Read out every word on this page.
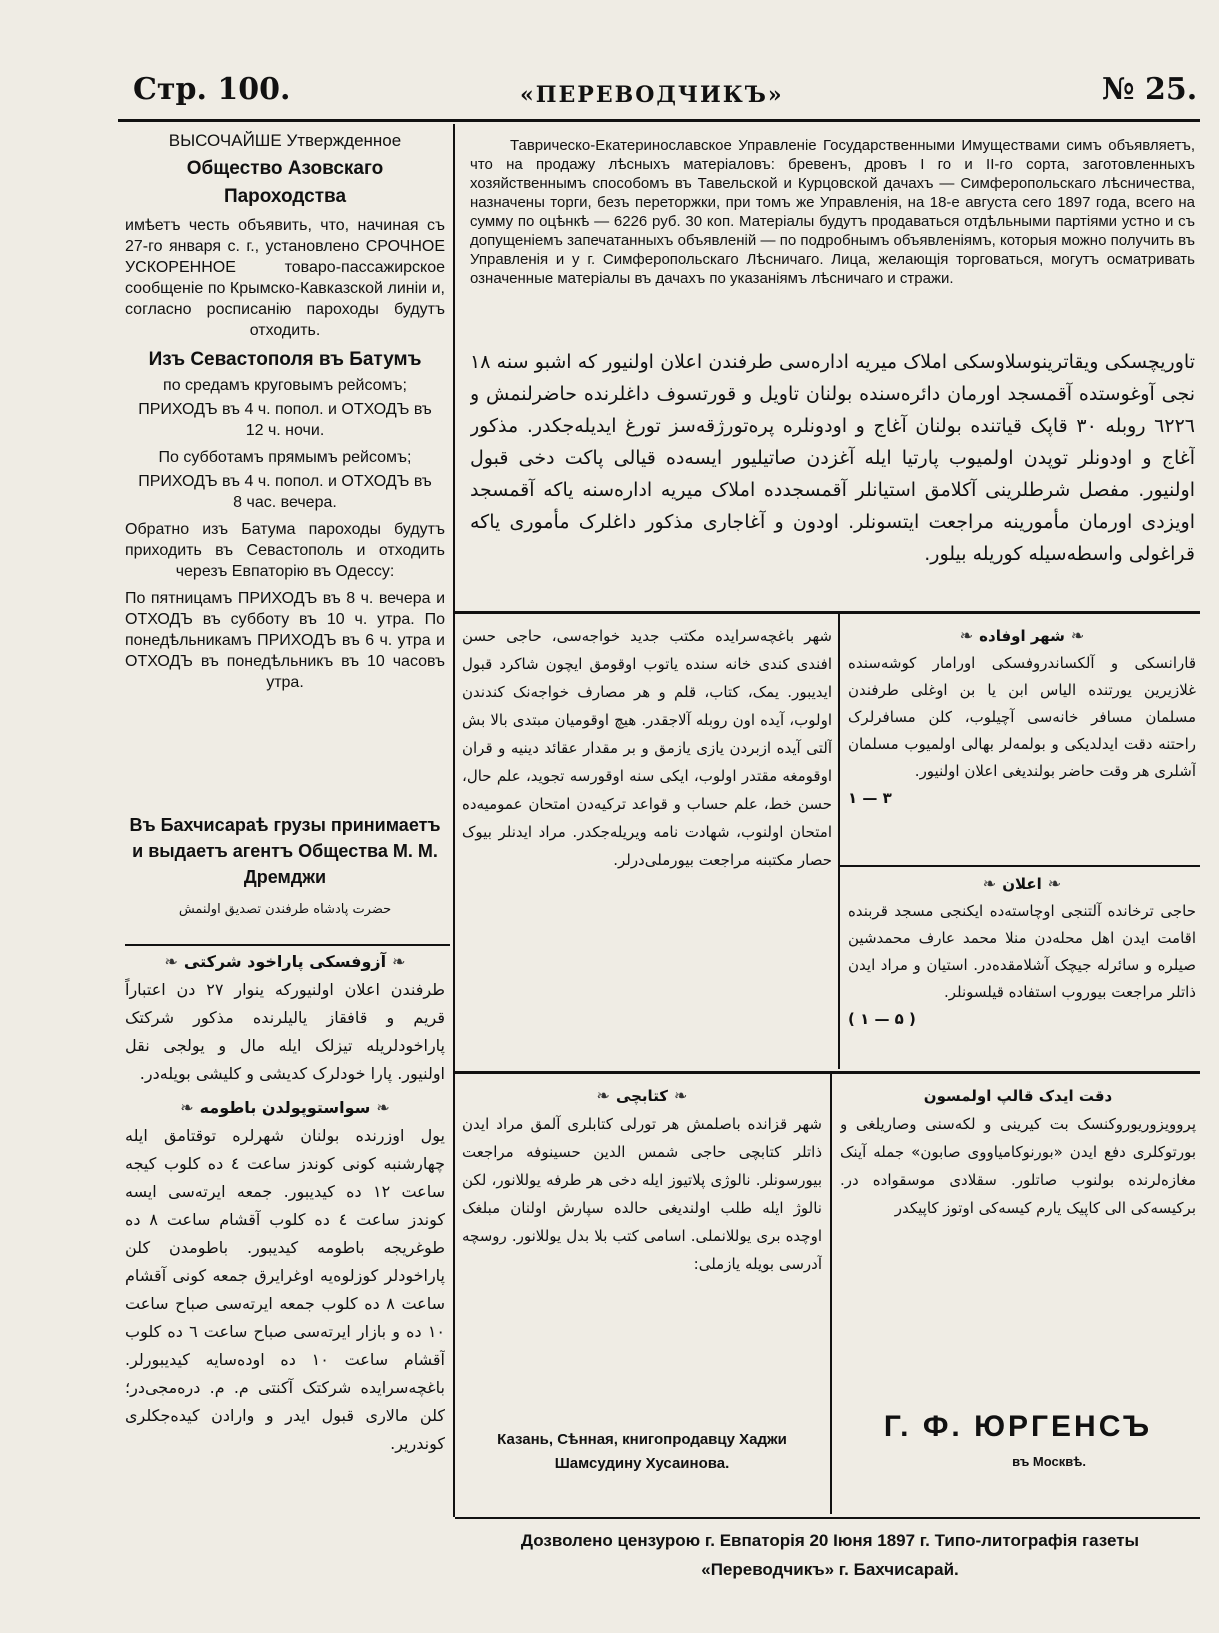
Стр. 100.	«ПЕРЕВОДЧИКЪ»	№ 25.

ВЫСОЧАЙШЕ Утвержденное

Общество Азовскаго Пароходства

имѣетъ честь объявить, что, начиная съ 27-го января с. г., установлено СРОЧНОЕ УСКОРЕННОЕ товаро-пассажирское сообщеніе по Крымско-Кавказской линіи и, согласно росписанію пароходы будутъ отходить.

Изъ Севастополя въ Батумъ

по средамъ круговымъ рейсомъ;

ПРИХОДЪ въ 4 ч. попол. и ОТХОДЪ въ 12 ч. ночи.

По суббoтамъ прямымъ рейсомъ;

ПРИХОДЪ въ 4 ч. попол. и ОТХОДЪ въ 8 час. вечера.

Обратно изъ Батума пароходы будутъ приходить въ Севастополь и отходить черезъ Евпаторію въ Одессу:

По пятницамъ ПРИХОДЪ въ 8 ч. вечера и ОТХОДЪ въ субботу въ 10 ч. утра. По понедѣльникамъ ПРИХОДЪ въ 6 ч. утра и ОТХОДЪ въ понедѣльникъ въ 10 часовъ утра.

Въ Бахчисараѣ грузы принимаетъ и выдаетъ агентъ Общества М. М. Дремджи

حضرت پادشاه طرفندن تصدیق اولنمش

❧آزوفسکی پاراخود شرکتی❧

طرفندن اعلان اولنیورکه ینوار ۲۷ دن اعتباراً قریم و قافقاز یالیلرنده مذکور شرکتک پاراخودلریله تیزلک ایله مال و یولجی نقل اولنیور. پارا خودلرک کدیشی و کلیشی بویله‌در.

❧سواستوپولدن باطومه❧

یول اوزرنده بولنان شهرلره توقتامق ایله چهارشنبه کونی کوندز ساعت ٤ ده کلوب کیجه ساعت ۱۲ ده کیدیبور. جمعه ایرته‌سی ایسه کوندز ساعت ٤ ده کلوب آقشام ساعت ۸ ده طوغریجه باطومه کیدیبور. باطومدن کلن پاراخودلر کوزلوه‌یه اوغرایرق جمعه کونی آقشام ساعت ۸ ده کلوب جمعه ایرته‌سی صباح ساعت ۱۰ ده و بازار ایرته‌سی صباح ساعت ٦ ده کلوب آقشام ساعت ۱۰ ده اوده‌سایه کیدیبورلر. باغچه‌سرایده شرکتک آکنتی م. م. دره‌مجی‌در؛ کلن مالاری قبول ایدر و وارادن کیده‌جکلری کوندریر.

Таврическо-Екатеринославское Управленіе Государственными Имуществами симъ объявляетъ, что на продажу лѣсныхъ матеріаловъ: бревенъ, дровъ I го и II-го сорта, заготовленныхъ хозяйственнымъ способомъ въ Тавельской и Курцовской дачахъ — Симферопольскаго лѣсничества, назначены торги, безъ переторжки, при томъ же Управленія, на 18-е августа сего 1897 года, всего на сумму по оцѣнкѣ — 6226 руб. 30 коп. Матеріалы будутъ продаваться отдѣльными партіями устно и съ допущеніемъ запечатанныхъ объявленій — по подробнымъ объявленіямъ, которыя можно получить въ Управленія и у г. Симферопольскаго Лѣсничаго. Лица, желающія торговаться, могутъ осматривать означенные матеріалы въ дачахъ по указаніямъ лѣсничаго и стражи.

تاوریچسکی ویقاترینوسلاوسکی املاک میریه اداره‌سی طرفندن اعلان اولنیور که اشبو سنه ۱۸ نجی آوغوستده آقمسجد اورمان دائره‌سنده بولنان تاویل و قورتسوف داغلرنده حاضرلنمش و ٦۲۲٦ روبله ۳۰ قاپک قیاتنده بولنان آغاج و اودونلره پره‌تورژقه‌سز تورغ ایدیله‌جکدر. مذکور آغاج و اودونلر توپدن اولمیوب پارتیا ایله آغزدن صاتیلیور ایسه‌ده قیالی پاکت دخی قبول اولنیور. مفصل شرطلرینی آکلامق استیانلر آقمسجدده املاک میریه اداره‌سنه یاکه آقمسجد اویزدی اورمان مأمورینه مراجعت ایتسونلر. اودون و آغاجاری مذکور داغلرک مأموری یاکه قراغولی واسطه‌سیله کوریله بیلور.

شهر باغچه‌سرایده مکتب جدید خواجه‌سی، حاجی حسن افندی کندی خانه سنده یاتوب اوقومق ایچون شاکرد قبول ایدیبور. یمک، کتاب، قلم و هر مصارف خواجه‌نک کندندن اولوب، آیده اون روبله آلاجقدر. هیچ اوقومیان مبتدی بالا بش آلتی آیده ازبردن یازی یازمق و بر مقدار عقائد دینیه و قران اوقومغه مقتدر اولوب، ایکی سنه اوقورسه تجوید، علم حال، حسن خط، علم حساب و قواعد ترکیه‌دن امتحان عمومیه‌ده امتحان اولنوب، شهادت نامه ویریله‌جکدر. مراد ایدنلر بیوک حصار مکتبنه مراجعت بیورملی‌درلر.

❧شهر اوفاده❧

قارانسکی و آلکساندروفسکی اورامار کوشه‌سنده غلازیرین یورتنده الیاس ابن یا بن اوغلی طرفندن مسلمان مسافر خانه‌سی آچیلوب، کلن مسافرلرک راحتنه دقت ایدلدیکی و بولمه‌لر بهالی اولمیوب مسلمان آشلری هر وقت حاضر بولندیغی اعلان اولنیور.

۱ — ۳

❧اعلان❧

حاجی ترخانده آلتنجی اوچاسته‌ده ایکنجی مسجد قربنده اقامت ایدن اهل محله‌دن منلا محمد عارف محمدشین صیلره و سائرله جیچک آشلامقده‌در. استیان و مراد ایدن ذاتلر مراجعت بیوروب استفاده قیلسونلر.

( ۱ — ۵ )

❧کتابچی❧

شهر قزانده باصلمش هر تورلی کتابلری آلمق مراد ایدن ذاتلر کتابچی حاجی شمس الدین حسینوفه مراجعت بیورسونلر. نالوژی پلاتیوز ایله دخی هر طرفه یوللانور، لکن نالوژ ایله طلب اولندیغی حالده سپارش اولنان مبلغک اوچده بری یوللانملی. اسامی کتب بلا بدل یوللانور. روسچه آدرسی بویله یازملی:

Казань, Сѣнная, книгопродавцу Хаджи Шамсудину Хусаинова.

دقت ایدک قالپ اولمسون

پروویزوریوروکنسک بت کیرینی و لکه‌سنی وصاریلغی و بورتوکلری دفع ایدن «بورنوکامیاووی صابون» جمله آینک مغازه‌لرنده بولنوب صاتلور. سقلادی موسقواده در. برکیسه‌کی الی کاپیک یارم کیسه‌کی اوتوز کاپیکدر

Г. Ф. ЮРГЕНСЪ

въ Москвѣ.

Дозволено цензурою г. Евпаторія 20 Іюня 1897 г. Типо-литографія газеты «Переводчикъ» г. Бахчисарай.
